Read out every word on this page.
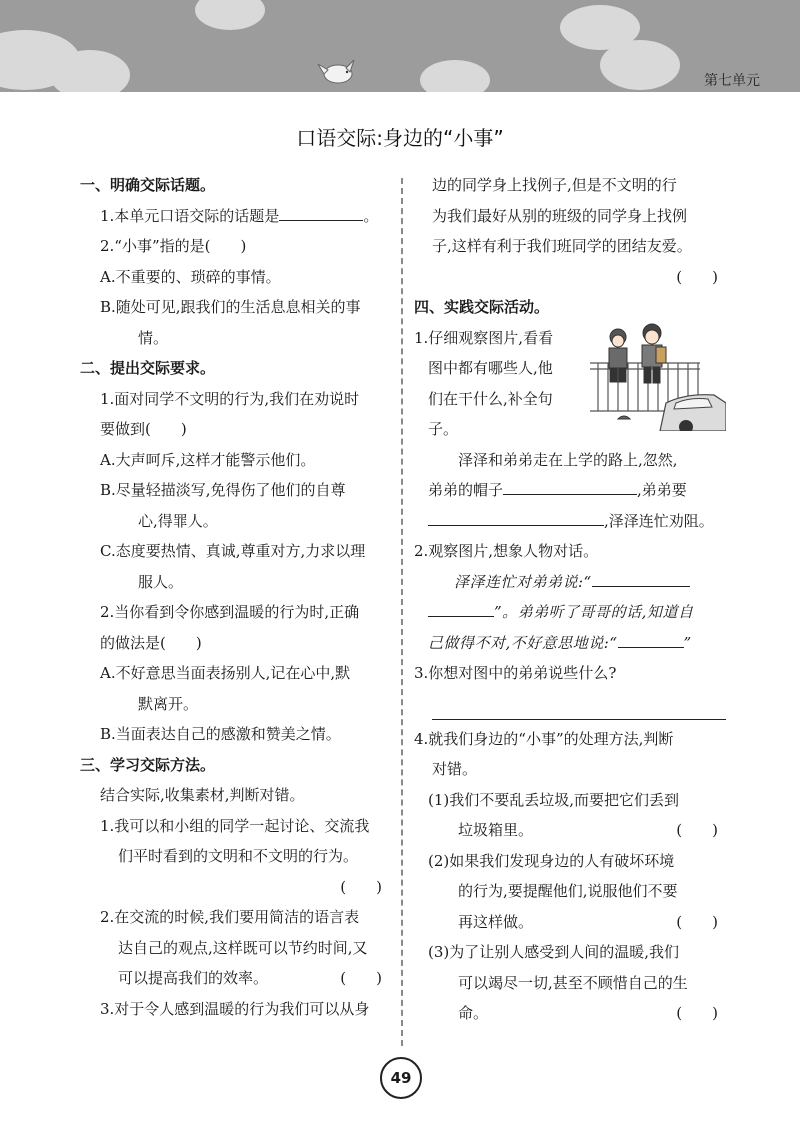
第七单元
口语交际:身边的“小事”
一、明确交际话题。
1.本单元口语交际的话题是	。
2.“小事”指的是(　　)
A.不重要的、琐碎的事情。
B.随处可见,跟我们的生活息息相关的事
情。
二、提出交际要求。
1.面对同学不文明的行为,我们在劝说时
要做到(　　)
A.大声呵斥,这样才能警示他们。
B.尽量轻描淡写,免得伤了他们的自尊
心,得罪人。
C.态度要热情、真诚,尊重对方,力求以理
服人。
2.当你看到令你感到温暖的行为时,正确
的做法是(　　)
A.不好意思当面表扬别人,记在心中,默
默离开。
B.当面表达自己的感激和赞美之情。
三、学习交际方法。
结合实际,收集素材,判断对错。
1.我可以和小组的同学一起讨论、交流我
们平时看到的文明和不文明的行为。
(　　)
2.在交流的时候,我们要用简洁的语言表
达自己的观点,这样既可以节约时间,又
可以提高我们的效率。	(　　)
3.对于令人感到温暖的行为我们可以从身
边的同学身上找例子,但是不文明的行
为我们最好从别的班级的同学身上找例
子,这样有利于我们班同学的团结友爱。
(　　)
四、实践交际活动。
1.仔细观察图片,看看
图中都有哪些人,他
们在干什么,补全句
子。
泽泽和弟弟走在上学的路上,忽然,
弟弟的帽子	,弟弟要
,泽泽连忙劝阻。
2.观察图片,想象人物对话。
泽泽连忙对弟弟说:“
”。弟弟听了哥哥的话,知道自
己做得不对,不好意思地说:“	”
3.你想对图中的弟弟说些什么?
4.就我们身边的“小事”的处理方法,判断
对错。
(1)我们不要乱丢垃圾,而要把它们丢到
垃圾箱里。	(　　)
(2)如果我们发现身边的人有破坏环境
的行为,要提醒他们,说服他们不要
再这样做。	(　　)
(3)为了让别人感受到人间的温暖,我们
可以竭尽一切,甚至不顾惜自己的生
命。	(　　)
49
